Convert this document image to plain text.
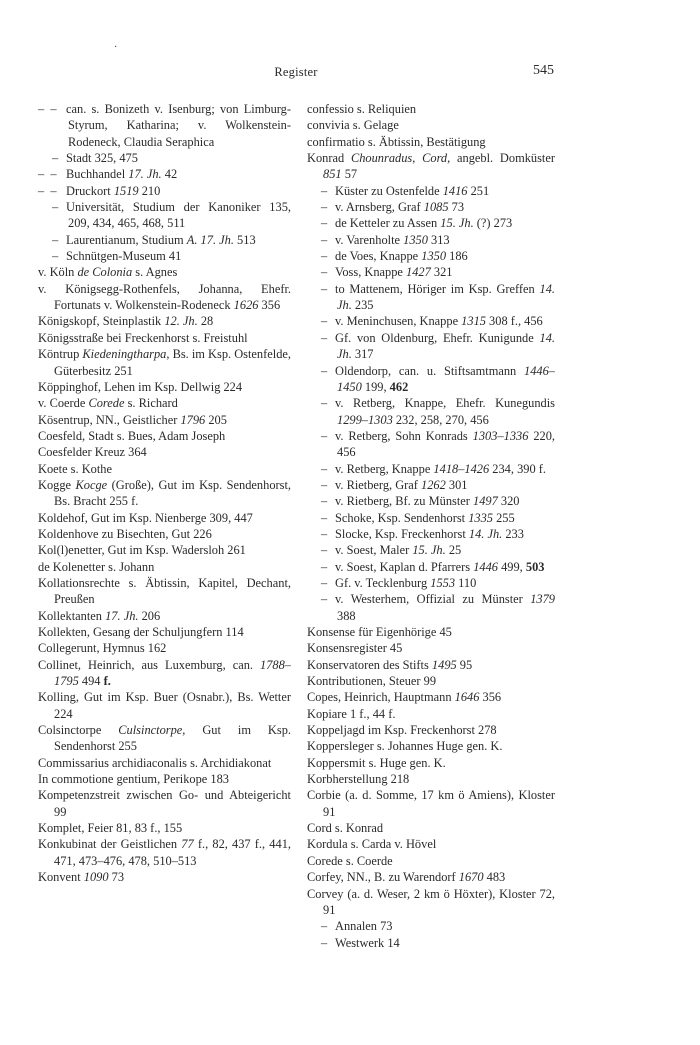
·
Register	545
–  – can. s. Bonizeth v. Isenburg; von Limburg-Styrum, Katharina; v. Wolkenstein-Rodeneck, Claudia Seraphica
– Stadt 325, 475
–  – Buchhandel 17. Jh. 42
–  – Druckort 1519 210
– Universität, Studium der Kanoniker 135, 209, 434, 465, 468, 511
– Laurentianum, Studium A. 17. Jh. 513
– Schnütgen-Museum 41
v. Köln de Colonia s. Agnes
v. Königsegg-Rothenfels, Johanna, Ehefr. Fortunats v. Wolkenstein-Rodeneck 1626 356
Königskopf, Steinplastik 12. Jh. 28
Königsstraße bei Freckenhorst s. Freistuhl
Köntrup Kiedeningtharpa, Bs. im Ksp. Ostenfelde, Güterbesitz 251
Köppinghof, Lehen im Ksp. Dellwig 224
v. Coerde Corede s. Richard
Kösentrup, NN., Geistlicher 1796 205
Coesfeld, Stadt s. Bues, Adam Joseph
Coesfelder Kreuz 364
Koete s. Kothe
Kogge Kocge (Große), Gut im Ksp. Sendenhorst, Bs. Bracht 255 f.
Koldehof, Gut im Ksp. Nienberge 309, 447
Koldenhove zu Bisechten, Gut 226
Kol(l)enetter, Gut im Ksp. Wadersloh 261
de Kolenetter s. Johann
Kollationsrechte s. Äbtissin, Kapitel, Dechant, Preußen
Kollektanten 17. Jh. 206
Kollekten, Gesang der Schuljungfern 114
Collegerunt, Hymnus 162
Collinet, Heinrich, aus Luxemburg, can. 1788–1795 494 f.
Kolling, Gut im Ksp. Buer (Osnabr.), Bs. Wetter 224
Colsinctorpe Culsinctorpe, Gut im Ksp. Sendenhorst 255
Commissarius archidiaconalis s. Archidiakonat
In commotione gentium, Perikope 183
Kompetenzstreit zwischen Go- und Abteigericht 99
Komplet, Feier 81, 83 f., 155
Konkubinat der Geistlichen 77 f., 82, 437 f., 441, 471, 473–476, 478, 510–513
Konvent 1090 73
confessio s. Reliquien
convivia s. Gelage
confirmatio s. Äbtissin, Bestätigung
Konrad Chounradus, Cord, angebl. Domküster 851 57
– Küster zu Ostenfelde 1416 251
– v. Arnsberg, Graf 1085 73
– de Ketteler zu Assen 15. Jh. (?) 273
– v. Varenholte 1350 313
– de Voes, Knappe 1350 186
– Voss, Knappe 1427 321
– to Mattenem, Höriger im Ksp. Greffen 14. Jh. 235
– v. Meninchusen, Knappe 1315 308 f., 456
– Gf. von Oldenburg, Ehefr. Kunigunde 14. Jh. 317
– Oldendorp, can. u. Stiftsamtmann 1446–1450 199, 462
– v. Retberg, Knappe, Ehefr. Kunegundis 1299–1303 232, 258, 270, 456
– v. Retberg, Sohn Konrads 1303–1336 220, 456
– v. Retberg, Knappe 1418–1426 234, 390 f.
– v. Rietberg, Graf 1262 301
– v. Rietberg, Bf. zu Münster 1497 320
– Schoke, Ksp. Sendenhorst 1335 255
– Slocke, Ksp. Freckenhorst 14. Jh. 233
– v. Soest, Maler 15. Jh. 25
– v. Soest, Kaplan d. Pfarrers 1446 499, 503
– Gf. v. Tecklenburg 1553 110
– v. Westerhem, Offizial zu Münster 1379 388
Konsense für Eigenhörige 45
Konsensregister 45
Konservatoren des Stifts 1495 95
Kontributionen, Steuer 99
Copes, Heinrich, Hauptmann 1646 356
Kopiare 1 f., 44 f.
Koppeljagd im Ksp. Freckenhorst 278
Koppersleger s. Johannes Huge gen. K.
Koppersmit s. Huge gen. K.
Korbherstellung 218
Corbie (a. d. Somme, 17 km ö Amiens), Kloster 91
Cord s. Konrad
Kordula s. Carda v. Hövel
Corede s. Coerde
Corfey, NN., B. zu Warendorf 1670 483
Corvey (a. d. Weser, 2 km ö Höxter), Kloster 72, 91
– Annalen 73
– Westwerk 14
